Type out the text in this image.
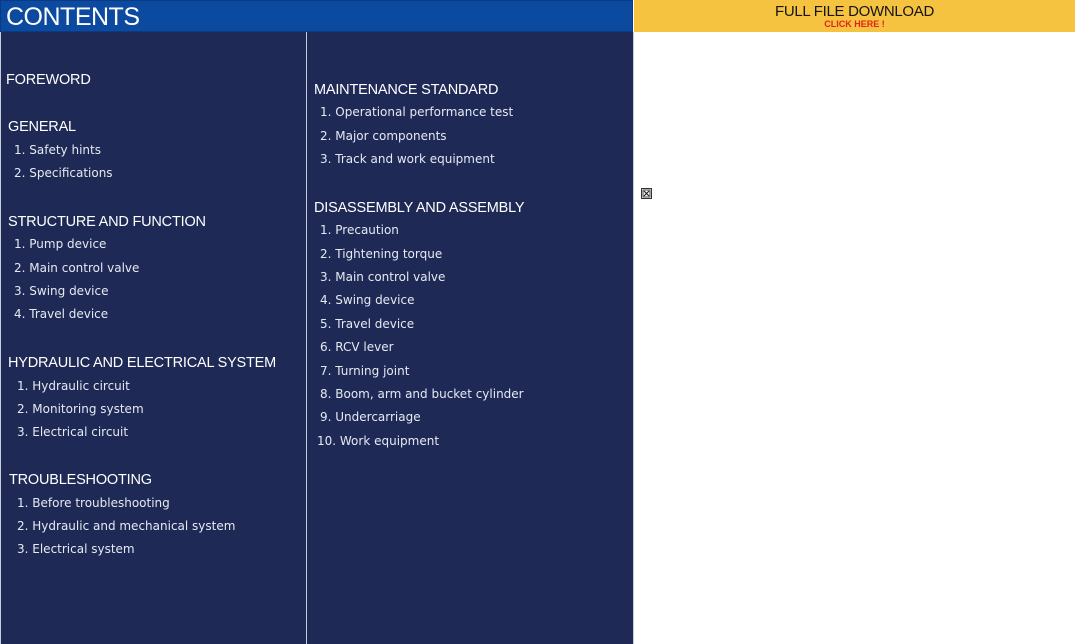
CONTENTS	FULL FILE DOWNLOAD
CLICK HERE !
FOREWORD
GENERAL
1. Safety hints
2. Specifications
STRUCTURE AND FUNCTION
1. Pump device
2. Main control valve
3. Swing device
4. Travel device
HYDRAULIC AND ELECTRICAL SYSTEM
1. Hydraulic circuit
2. Monitoring system
3. Electrical circuit
TROUBLESHOOTING
1. Before troubleshooting
2. Hydraulic and mechanical system
3. Electrical system
MAINTENANCE STANDARD
1. Operational performance test
2. Major components
3. Track and work equipment
DISASSEMBLY AND ASSEMBLY
1. Precaution
2. Tightening torque
3. Main control valve
4. Swing device
5. Travel device
6. RCV lever
7. Turning joint
8. Boom, arm and bucket cylinder
9. Undercarriage
10. Work equipment
